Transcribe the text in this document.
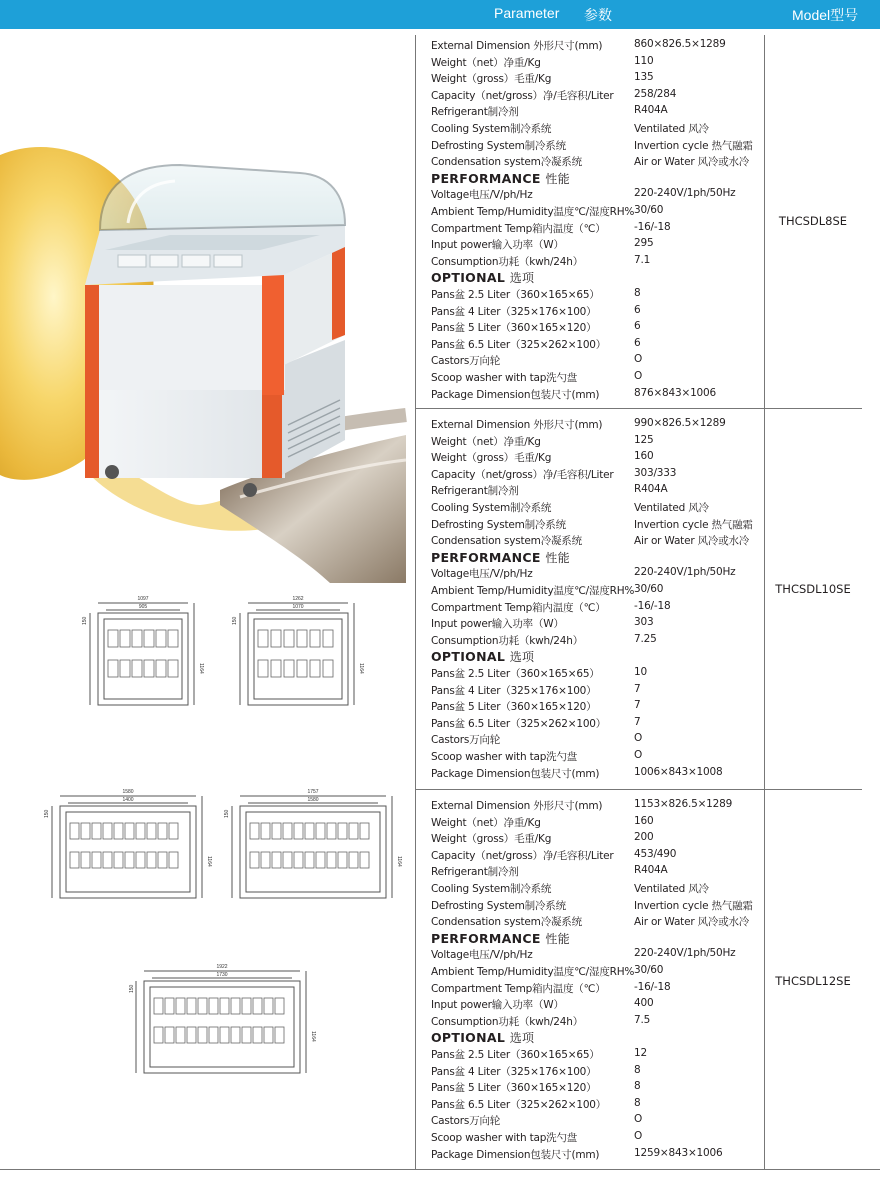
Parameter 参数	Model型号
1097
905
150
1164
1262
1070
150
1164
1580
1400
150
1164
1757
1580
150
1164
1922
1730
150
1164
External Dimension 外形尺寸(mm)	860×826.5×1289
Weight（net）净重/Kg	110
Weight（gross）毛重/Kg	135
Capacity（net/gross）净/毛容积/Liter 258/284
Refrigerant制冷剂	R404A
Cooling System制冷系统	Ventilated 风冷
Defrosting System制冷系统	Invertion cycle 热气融霜
Condensation system冷凝系统	Air or Water 风冷或水冷
PERFORMANCE 性能
Voltage电压/V/ph/Hz	220-240V/1ph/50Hz
Ambient Temp/Humidity温度℃/湿度RH% 30/60
Compartment Temp箱内温度（℃）	-16/-18
Input power输入功率（W）	295
Consumption功耗（kwh/24h）	7.1
OPTIONAL 选项
Pans盆 2.5 Liter（360×165×65）	8
Pans盆 4 Liter（325×176×100）	6
Pans盆 5 Liter（360×165×120）	6
Pans盆 6.5 Liter（325×262×100）	6
Castors万向轮	O
Scoop washer with tap洗勺盘	O
Package Dimension包装尺寸(mm)	876×843×1006
THCSDL8SE
External Dimension 外形尺寸(mm)	990×826.5×1289
Weight（net）净重/Kg	125
Weight（gross）毛重/Kg	160
Capacity（net/gross）净/毛容积/Liter 303/333
Refrigerant制冷剂	R404A
Cooling System制冷系统	Ventilated 风冷
Defrosting System制冷系统	Invertion cycle 热气融霜
Condensation system冷凝系统	Air or Water 风冷或水冷
PERFORMANCE 性能
Voltage电压/V/ph/Hz	220-240V/1ph/50Hz
Ambient Temp/Humidity温度℃/湿度RH% 30/60
Compartment Temp箱内温度（℃）	-16/-18
Input power输入功率（W）	303
Consumption功耗（kwh/24h）	7.25
OPTIONAL 选项
Pans盆 2.5 Liter（360×165×65）	10
Pans盆 4 Liter（325×176×100）	7
Pans盆 5 Liter（360×165×120）	7
Pans盆 6.5 Liter（325×262×100）	7
Castors万向轮	O
Scoop washer with tap洗勺盘	O
Package Dimension包装尺寸(mm)	1006×843×1008
THCSDL10SE
External Dimension 外形尺寸(mm)	1153×826.5×1289
Weight（net）净重/Kg	160
Weight（gross）毛重/Kg	200
Capacity（net/gross）净/毛容积/Liter 453/490
Refrigerant制冷剂	R404A
Cooling System制冷系统	Ventilated 风冷
Defrosting System制冷系统	Invertion cycle 热气融霜
Condensation system冷凝系统	Air or Water 风冷或水冷
PERFORMANCE 性能
Voltage电压/V/ph/Hz	220-240V/1ph/50Hz
Ambient Temp/Humidity温度℃/湿度RH% 30/60
Compartment Temp箱内温度（℃）	-16/-18
Input power输入功率（W）	400
Consumption功耗（kwh/24h）	7.5
OPTIONAL 选项
Pans盆 2.5 Liter（360×165×65）	12
Pans盆 4 Liter（325×176×100）	8
Pans盆 5 Liter（360×165×120）	8
Pans盆 6.5 Liter（325×262×100）	8
Castors万向轮	O
Scoop washer with tap洗勺盘	O
Package Dimension包装尺寸(mm)	1259×843×1006
THCSDL12SE
